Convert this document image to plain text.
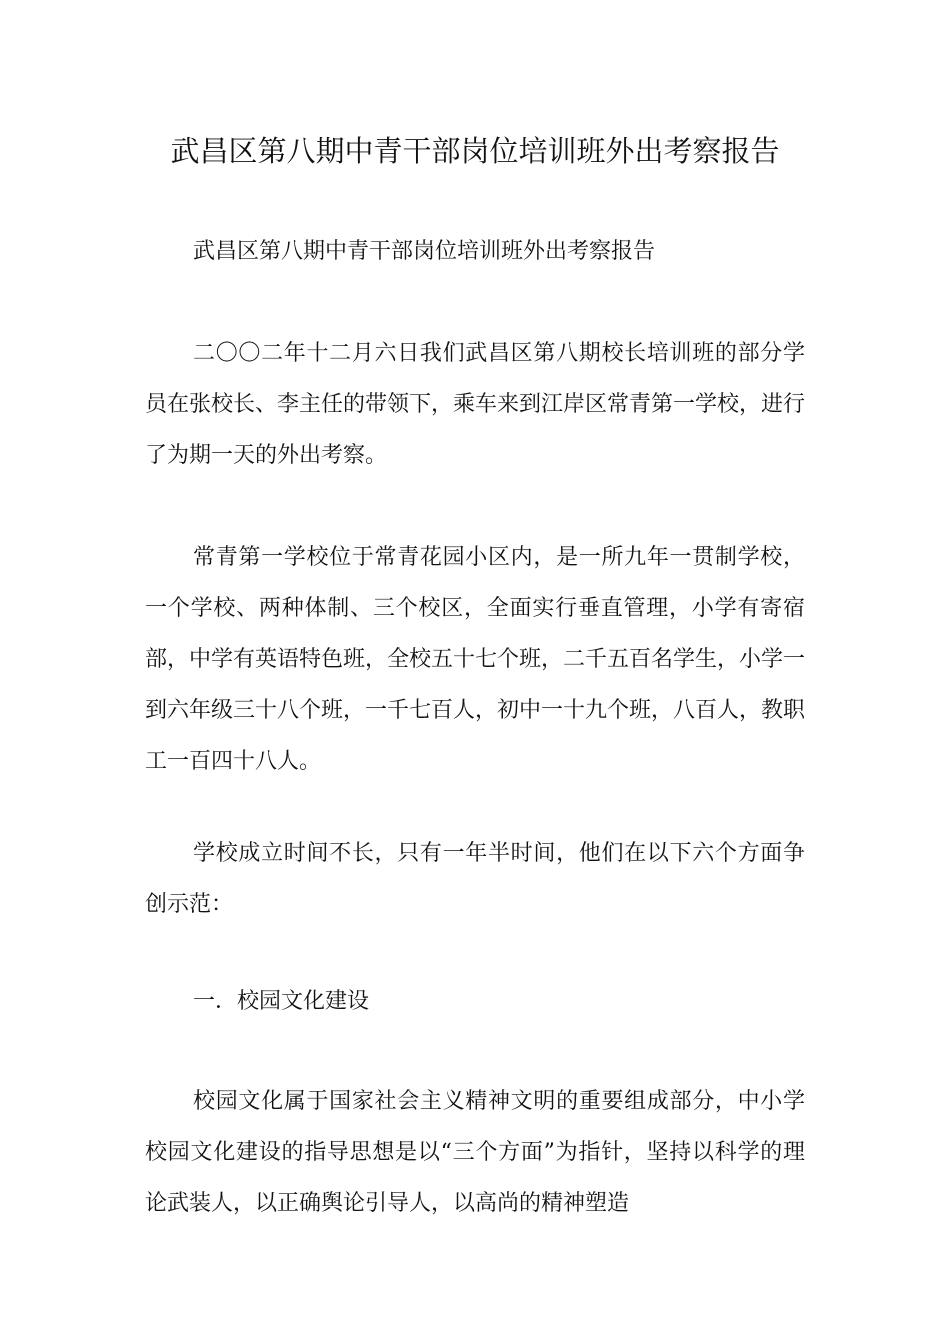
武昌区第八期中青干部岗位培训班外出考察报告

武昌区第八期中青干部岗位培训班外出考察报告

二〇〇二年十二月六日我们武昌区第八期校长培训班的部分学员在张校长、李主任的带领下，乘车来到江岸区常青第一学校，进行了为期一天的外出考察。

常青第一学校位于常青花园小区内，是一所九年一贯制学校，一个学校、两种体制、三个校区，全面实行垂直管理，小学有寄宿部，中学有英语特色班，全校五十七个班，二千五百名学生，小学一到六年级三十八个班，一千七百人，初中一十九个班，八百人，教职工一百四十八人。

学校成立时间不长，只有一年半时间，他们在以下六个方面争创示范：

一．校园文化建设

校园文化属于国家社会主义精神文明的重要组成部分，中小学校园文化建设的指导思想是以“三个方面”为指针，坚持以科学的理论武装人，以正确舆论引导人，以高尚的精神塑造
